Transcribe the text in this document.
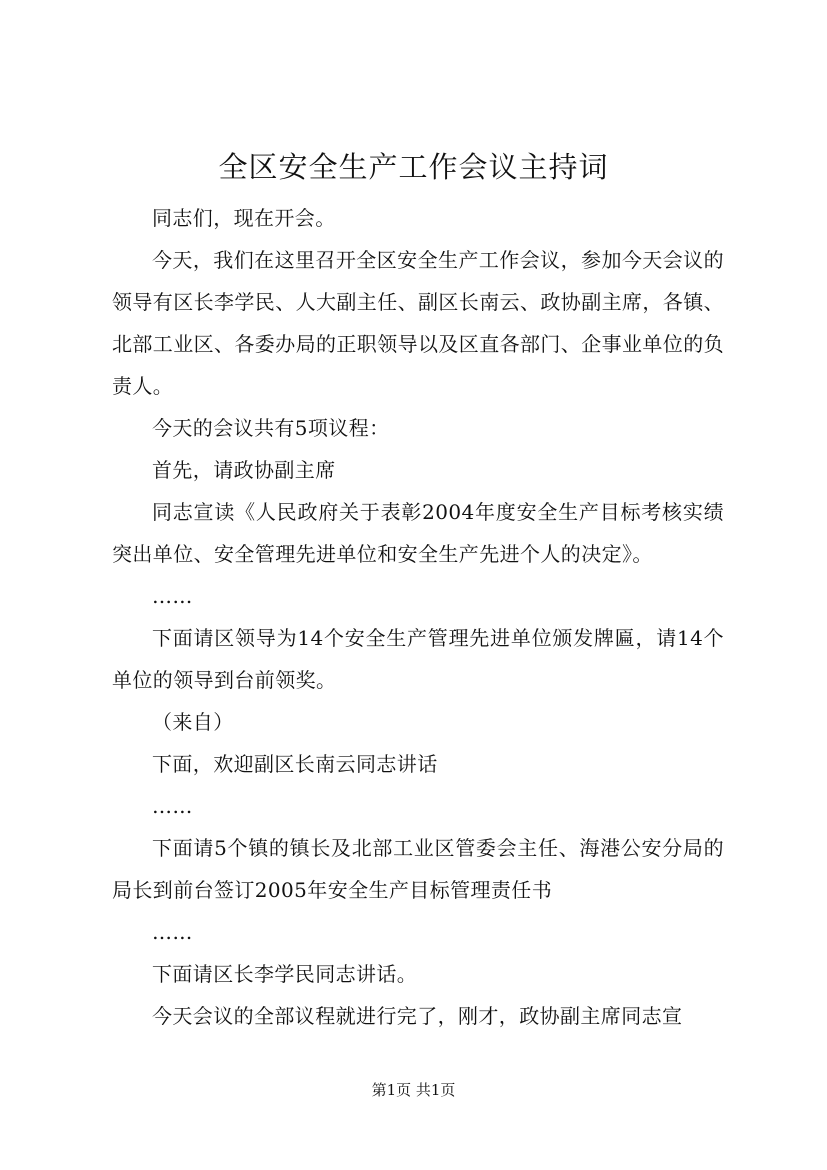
全区安全生产工作会议主持词

同志们，现在开会。

今天，我们在这里召开全区安全生产工作会议，参加今天会议的领导有区长李学民、人大副主任、副区长南云、政协副主席，各镇、北部工业区、各委办局的正职领导以及区直各部门、企事业单位的负责人。

今天的会议共有5项议程：

首先，请政协副主席

同志宣读《人民政府关于表彰2004年度安全生产目标考核实绩突出单位、安全管理先进单位和安全生产先进个人的决定》。

……

下面请区领导为14个安全生产管理先进单位颁发牌匾，请14个单位的领导到台前领奖。

（来自）

下面，欢迎副区长南云同志讲话

……

下面请5个镇的镇长及北部工业区管委会主任、海港公安分局的局长到前台签订2005年安全生产目标管理责任书

……

下面请区长李学民同志讲话。

今天会议的全部议程就进行完了，刚才，政协副主席同志宣

第1页 共1页
